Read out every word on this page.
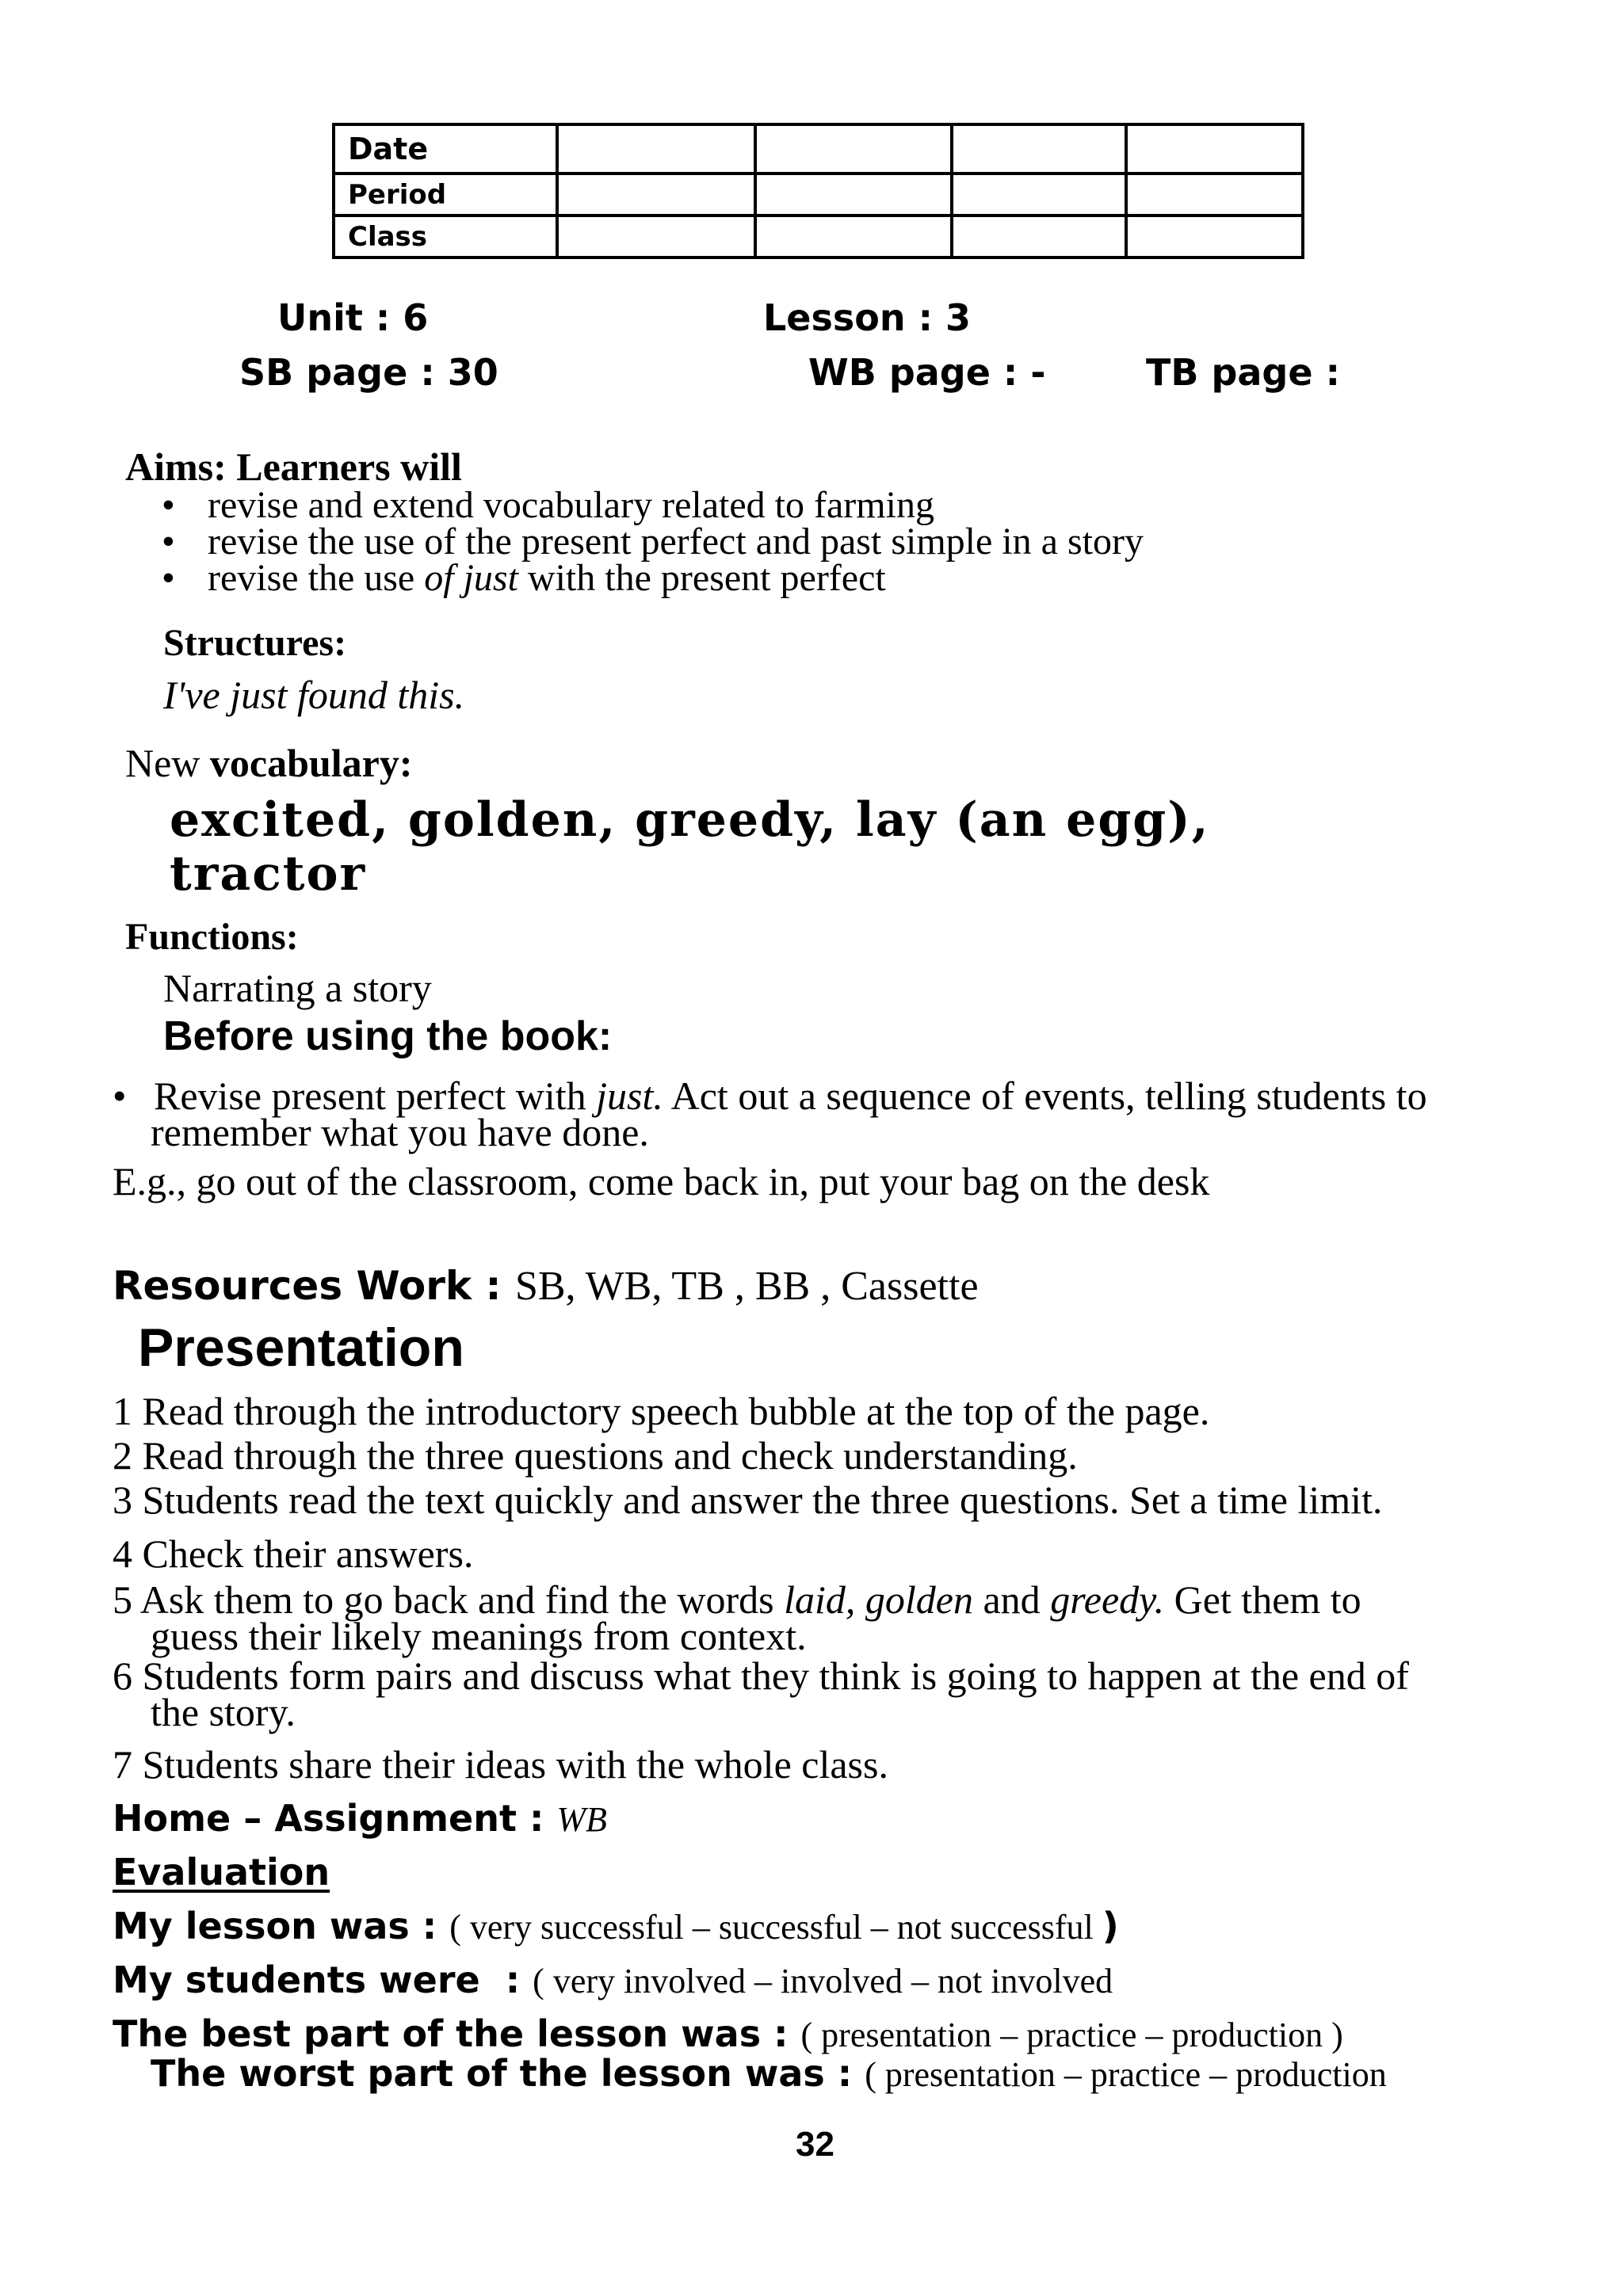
Date				
Period				
Class				
Unit : 6	Lesson : 3
SB page : 30	WB page : -	TB page :
Aims: Learners will
• revise and extend vocabulary related to farming
• revise the use of the present perfect and past simple in a story
• revise the use of just with the present perfect
Structures:
I've just found this.
New vocabulary:
excited, golden, greedy, lay (an egg),
tractor
Functions:
Narrating a story
Before using the book:
• Revise present perfect with just. Act out a sequence of events, telling students to
remember what you have done.
E.g., go out of the classroom, come back in, put your bag on the desk
Resources Work : SB, WB, TB , BB , Cassette
Presentation
1 Read through the introductory speech bubble at the top of the page.
2 Read through the three questions and check understanding.
3 Students read the text quickly and answer the three questions. Set a time limit.
4 Check their answers.
5 Ask them to go back and find the words laid, golden and greedy. Get them to
guess their likely meanings from context.
6 Students form pairs and discuss what they think is going to happen at the end of
the story.
7 Students share their ideas with the whole class.
Home – Assignment : WB
Evaluation
My lesson was : ( very successful – successful – not successful )
My students were  : ( very involved – involved – not involved
The best part of the lesson was : ( presentation – practice – production )
The worst part of the lesson was : ( presentation – practice – production
32
